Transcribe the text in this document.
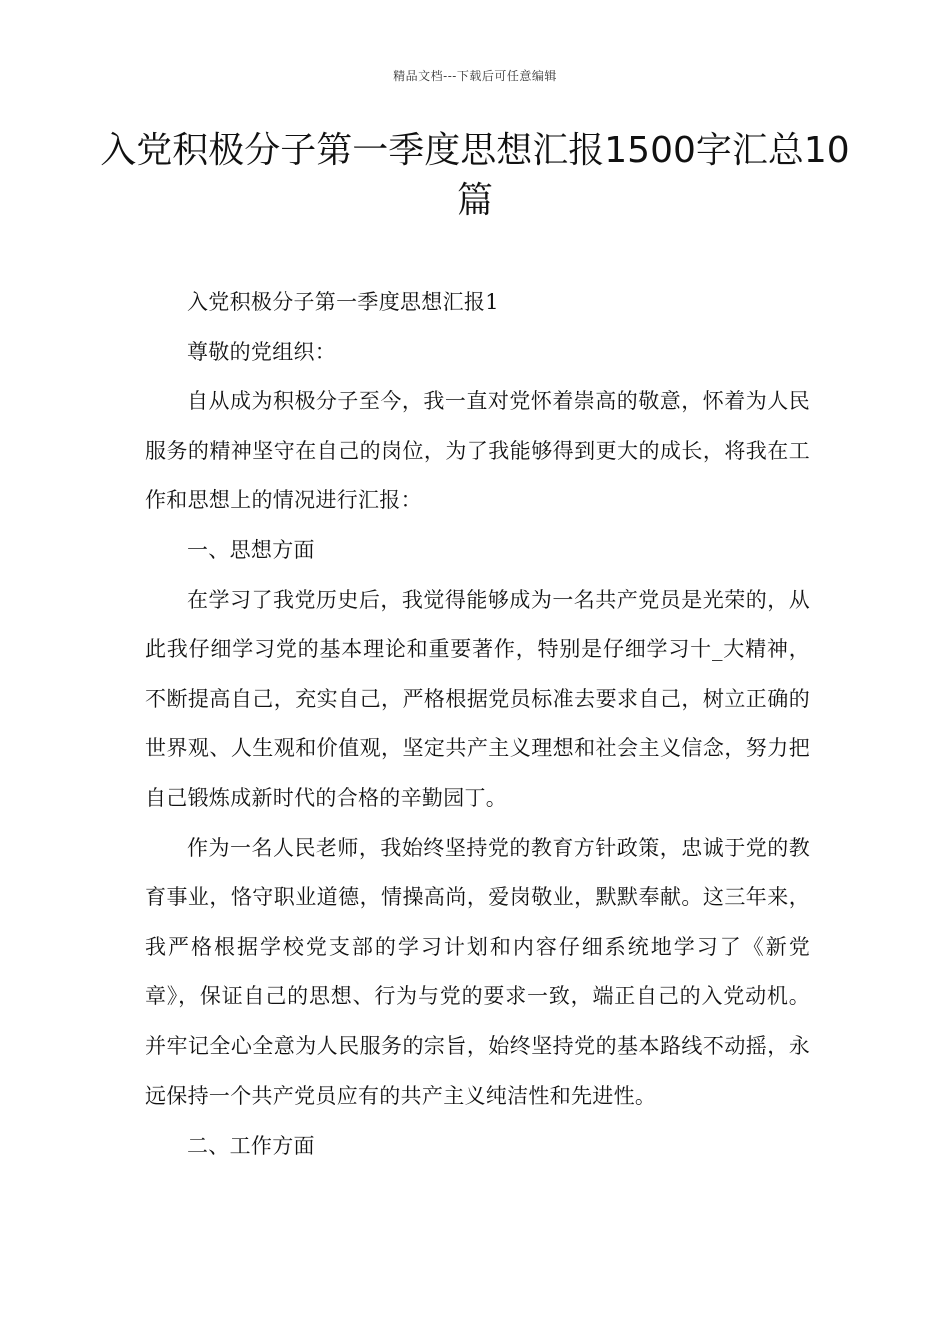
精品文档---下载后可任意编辑
入党积极分子第一季度思想汇报1500字汇总10篇

入党积极分子第一季度思想汇报1

尊敬的党组织：

自从成为积极分子至今，我一直对党怀着崇高的敬意，怀着为人民服务的精神坚守在自己的岗位，为了我能够得到更大的成长，将我在工作和思想上的情况进行汇报：

一、思想方面

在学习了我党历史后，我觉得能够成为一名共产党员是光荣的，从此我仔细学习党的基本理论和重要著作，特别是仔细学习十_大精神，不断提高自己，充实自己，严格根据党员标准去要求自己，树立正确的世界观、人生观和价值观，坚定共产主义理想和社会主义信念，努力把自己锻炼成新时代的合格的辛勤园丁。

作为一名人民老师，我始终坚持党的教育方针政策，忠诚于党的教育事业，恪守职业道德，情操高尚，爱岗敬业，默默奉献。这三年来，我严格根据学校党支部的学习计划和内容仔细系统地学习了《新党章》，保证自己的思想、行为与党的要求一致，端正自己的入党动机。并牢记全心全意为人民服务的宗旨，始终坚持党的基本路线不动摇，永远保持一个共产党员应有的共产主义纯洁性和先进性。

二、工作方面
